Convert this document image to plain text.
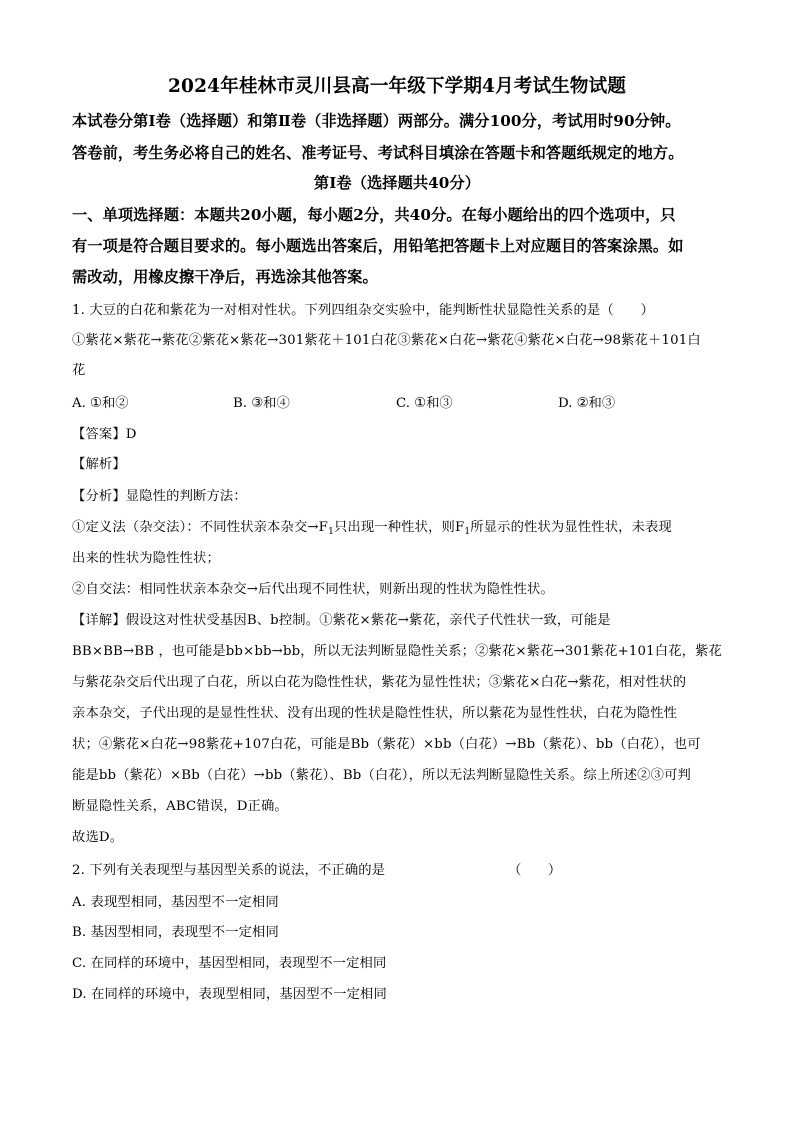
2024年桂林市灵川县高一年级下学期4月考试生物试题
本试卷分第Ⅰ卷（选择题）和第Ⅱ卷（非选择题）两部分。满分100分，考试用时90分钟。
答卷前，考生务必将自己的姓名、准考证号、考试科目填涂在答题卡和答题纸规定的地方。
第Ⅰ卷（选择题共40分）
一、单项选择题：本题共20小题，每小题2分，共40分。在每小题给出的四个选项中，只
有一项是符合题目要求的。每小题选出答案后，用铅笔把答题卡上对应题目的答案涂黑。如
需改动，用橡皮擦干净后，再选涂其他答案。
1. 大豆的白花和紫花为一对相对性状。下列四组杂交实验中，能判断性状显隐性关系的是（　　）
①紫花×紫花→紫花②紫花×紫花→301紫花＋101白花③紫花×白花→紫花④紫花×白花→98紫花＋101白
花
A. ①和②	B. ③和④	C. ①和③	D. ②和③
【答案】D
【解析】
【分析】显隐性的判断方法：
①定义法（杂交法）：不同性状亲本杂交$\to F_1$只出现一种性状，则$F_1$所显示的性状为显性性状，未表现
出来的性状为隐性性状；
②自交法：相同性状亲本杂交→后代出现不同性状，则新出现的性状为隐性性状。
【详解】假设这对性状受基因B、b控制。①紫花×紫花→紫花，亲代子代性状一致，可能是
BB×BB→BB ，也可能是bb×bb→bb，所以无法判断显隐性关系；②紫花×紫花→301紫花+101白花，紫花
与紫花杂交后代出现了白花，所以白花为隐性性状，紫花为显性性状；③紫花×白花→紫花，相对性状的
亲本杂交，子代出现的是显性性状、没有出现的性状是隐性性状，所以紫花为显性性状，白花为隐性性
状；④紫花×白花→98紫花+107白花，可能是Bb（紫花）×bb（白花）→Bb（紫花）、bb（白花），也可
能是bb（紫花）×Bb（白花）→bb（紫花）、Bb（白花），所以无法判断显隐性关系。综上所述②③可判
断显隐性关系，ABC错误，D正确。
故选D。
2. 下列有关表现型与基因型关系的说法，不正确的是	（　　）
A. 表现型相同，基因型不一定相同
B. 基因型相同，表现型不一定相同
C. 在同样的环境中，基因型相同，表现型不一定相同
D. 在同样的环境中，表现型相同，基因型不一定相同
